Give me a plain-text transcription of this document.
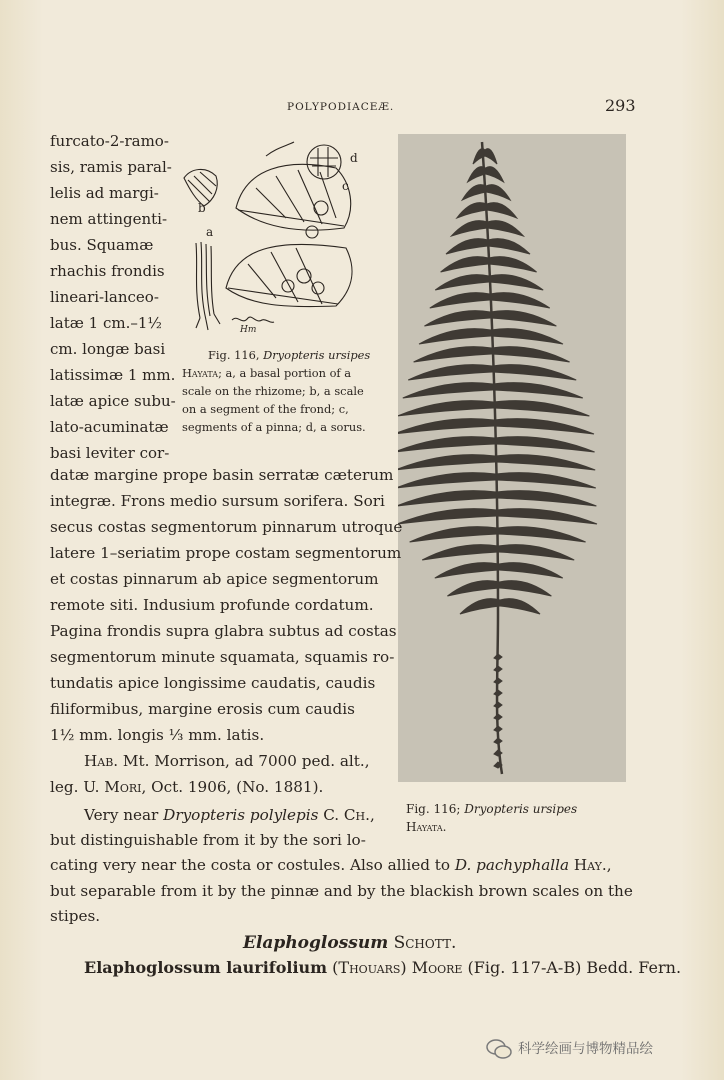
POLYPODIACEÆ.	293
furcato-2-ramo-
sis, ramis paral-
lelis ad margi-
nem attingenti-
bus. Squamæ
rhachis frondis
lineari-lanceo-
latæ 1 cm.–1½
cm. longæ basi
latissimæ 1 mm.
latæ apice subu-
lato-acuminatæ
basi leviter cor-
a
b
c
d
Hm
Fig. 116, Dryopteris ursipes Hayata; a, a basal portion of a scale on the rhizome; b, a scale on a segment of the frond; c, segments of a pinna; d, a sorus.
Fig. 116; Dryopteris ursipes
Hayata.
datæ margine prope basin serratæ cæterum
integræ. Frons medio sursum sorifera. Sori
secus costas segmentorum pinnarum utroque
latere 1–seriatim prope costam segmentorum
et costas pinnarum ab apice segmentorum
remote siti. Indusium profunde cordatum.
Pagina frondis supra glabra subtus ad costas
segmentorum minute squamata, squamis ro-
tundatis apice longissime caudatis, caudis
filiformibus, margine erosis cum caudis
1½ mm. longis ⅓ mm. latis.
Hab. Mt. Morrison, ad 7000 ped. alt.,
leg. U. Mori, Oct. 1906, (No. 1881).
Very near Dryopteris polylepis C. Ch.,
but distinguishable from it by the sori lo-
cating very near the costa or costules. Also allied to D. pachyphalla Hay.,
but separable from it by the pinnæ and by the blackish brown scales on the
stipes.
Elaphoglossum Schott.
Elaphoglossum laurifolium (Thouars) Moore (Fig. 117-A-B) Bedd. Fern.
科学绘画与博物精品绘
